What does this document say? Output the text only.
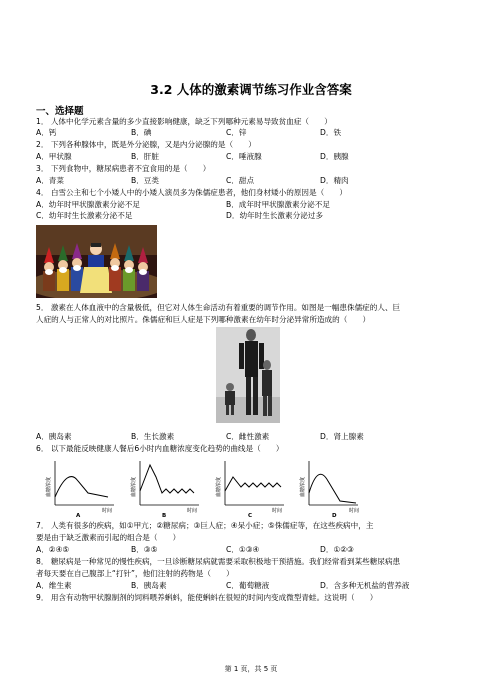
3.2 人体的激素调节练习作业含答案
一、选择题
1． 人体中化学元素含量的多少直接影响健康，缺乏下列哪种元素易导致贫血症（　　）
A．钙	B．碘	C．锌	D．铁
2． 下列各种腺体中，既是外分泌腺，又是内分泌腺的是（　　）
A．甲状腺	B．肝脏	C．唾液腺	D．胰腺
3． 下列食物中，糖尿病患者不宜食用的是（　　）
A．青菜	B．豆类	C．甜点	D．精肉
4． 白雪公主和七个小矮人中的小矮人演员多为侏儒症患者，他们身材矮小的原因是（　　）
A．幼年时甲状腺激素分泌不足	B．成年时甲状腺激素分泌不足
C．幼年时生长激素分泌不足	D．幼年时生长激素分泌过多
5． 激素在人体血液中的含量极低，但它对人体生命活动有着重要的调节作用。如图是一幅患侏儒症的人、巨
人症的人与正常人的对比照片。侏儒症和巨人症是下列哪种激素在幼年时分泌异常所造成的（　　）
A．胰岛素	B．生长激素	C．雌性激素	D．肾上腺素
6． 以下最能反映健康人餐后6小时内血糖浓度变化趋势的曲线是（　　）
血糖浓度
时间
A
血糖浓度
时间
B
血糖浓度
时间
C
血糖浓度
时间
D
7． 人类有很多的疾病，如①甲亢；②糖尿病；③巨人症；④呆小症；⑤侏儒症等，在这些疾病中，主
要是由于缺乏激素而引起的组合是（　　）
A．②④⑤	B．③⑤	C．①③④	D．①②③
8． 糖尿病是一种常见的慢性疾病，一旦诊断糖尿病就需要采取积极地干预措施。我们经常看到某些糖尿病患
者每天要在自己腹部上“打针”，他们注射的药物是（　　）
A．维生素	B．胰岛素	C．葡萄糖液	D．含多种无机盐的营养液
9． 用含有动物甲状腺制剂的饲料喂养蝌蚪，能使蝌蚪在很短的时间内变成微型青蛙。这说明（　　）
第 1 页，共 5 页
